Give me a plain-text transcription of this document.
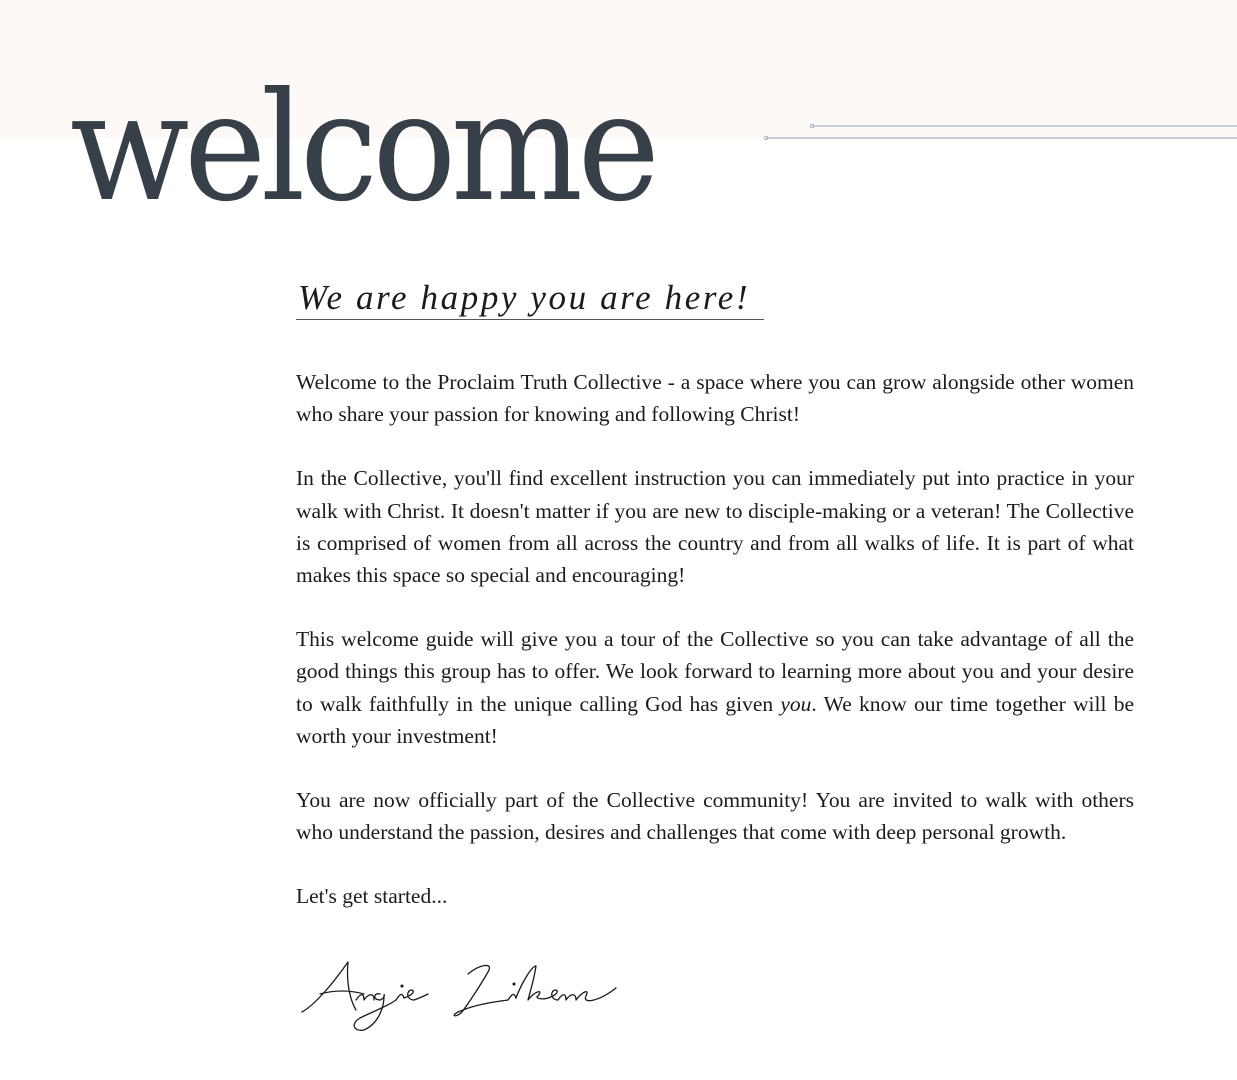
welcome
We are happy you are here!

Welcome to the Proclaim Truth Collective - a space where you can grow alongside other women who share your passion for knowing and following Christ!

In the Collective, you'll find excellent instruction you can immediately put into practice in your walk with Christ. It doesn't matter if you are new to disciple-making or a veteran! The Collective is comprised of women from all across the country and from all walks of life. It is part of what makes this space so special and encouraging!

This welcome guide will give you a tour of the Collective so you can take advantage of all the good things this group has to offer. We look forward to learning more about you and your desire to walk faithfully in the unique calling God has given you. We know our time together will be worth your investment!

You are now officially part of the Collective community! You are invited to walk with others who understand the passion, desires and challenges that come with deep personal growth.

Let's get started...
